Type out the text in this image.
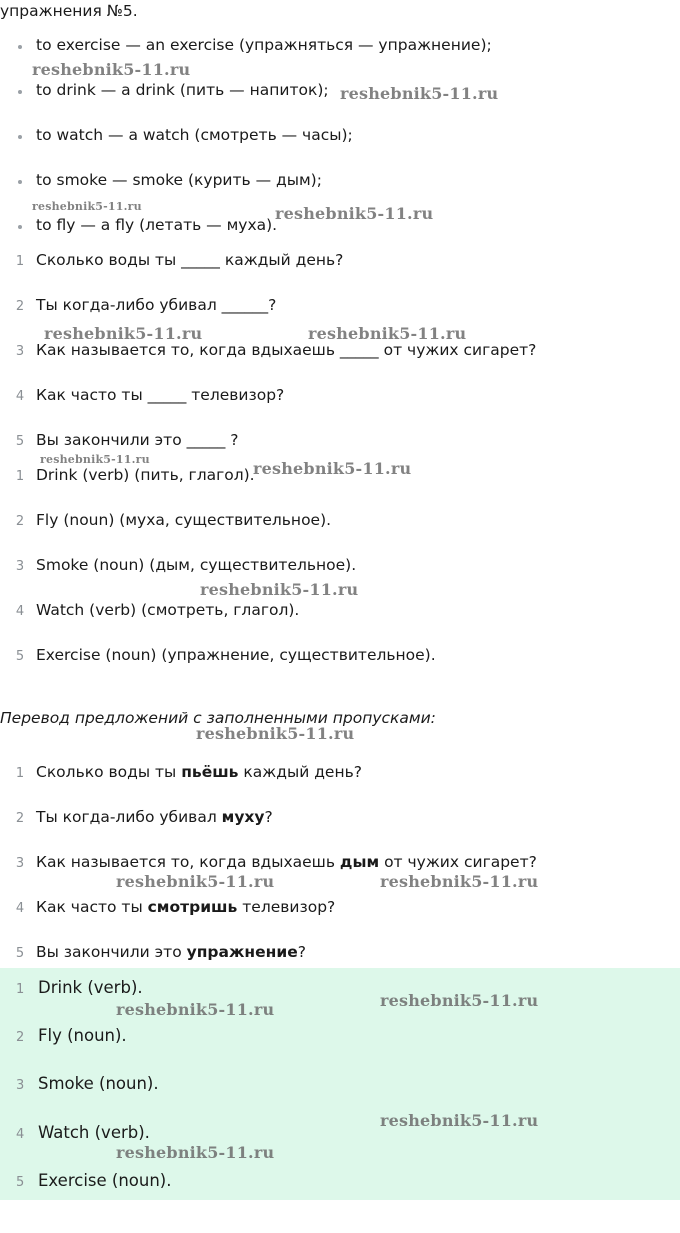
упражнения №5.
to exercise — an exercise (упражняться — упражнение);
to drink — a drink (пить — напиток);
to watch — a watch (смотреть — часы);
to smoke — smoke (курить — дым);
to fly — a fly (летать — муха).
1 Сколько воды ты _____ каждый день?
2 Ты когда-либо убивал ______?
3 Как называется то, когда вдыхаешь _____ от чужих сигарет?
4 Как часто ты _____ телевизор?
5 Вы закончили это _____ ?
1 Drink (verb) (пить, глагол).
2 Fly (noun) (муха, существительное).
3 Smoke (noun) (дым, существительное).
4 Watch (verb) (смотреть, глагол).
5 Exercise (noun) (упражнение, существительное).
Перевод предложений с заполненными пропусками:
1 Сколько воды ты пьёшь каждый день?
2 Ты когда-либо убивал муху?
3 Как называется то, когда вдыхаешь дым от чужих сигарет?
4 Как часто ты смотришь телевизор?
5 Вы закончили это упражнение?
1 Drink (verb).
2 Fly (noun).
3 Smoke (noun).
4 Watch (verb).
5 Exercise (noun).
reshebnik5-11.ru
reshebnik5-11.ru
reshebnik5-11.ru	reshebnik5-11.ru
reshebnik5-11.ru	reshebnik5-11.ru
reshebnik5-11.ru	reshebnik5-11.ru
reshebnik5-11.ru
reshebnik5-11.ru
reshebnik5-11.ru	reshebnik5-11.ru
reshebnik5-11.ru
reshebnik5-11.ru
reshebnik5-11.ru
reshebnik5-11.ru
